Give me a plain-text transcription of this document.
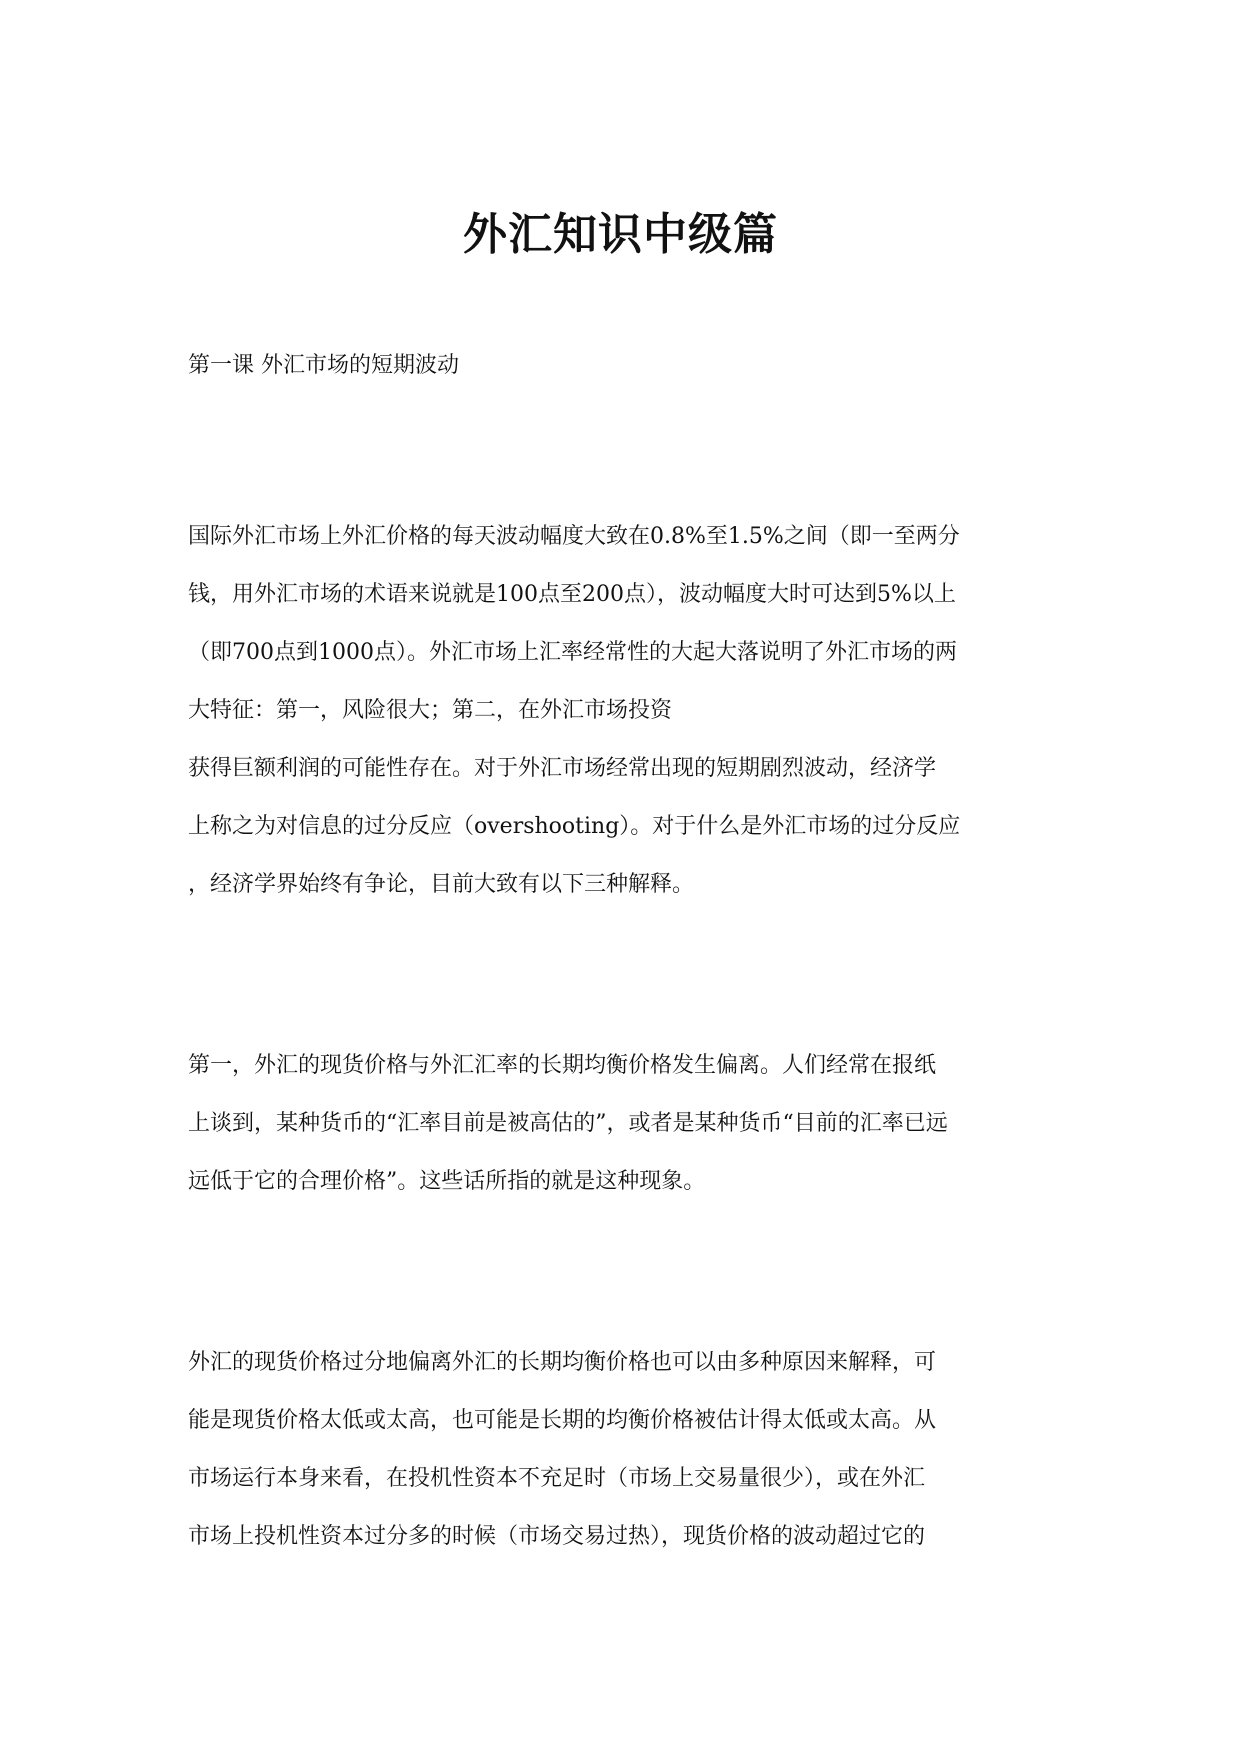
外汇知识中级篇

第一课 外汇市场的短期波动

国际外汇市场上外汇价格的每天波动幅度大致在0.8%至1.5%之间（即一至两分
钱，用外汇市场的术语来说就是100点至200点），波动幅度大时可达到5%以上
（即700点到1000点）。外汇市场上汇率经常性的大起大落说明了外汇市场的两
大特征：第一，风险很大；第二，在外汇市场投资
获得巨额利润的可能性存在。对于外汇市场经常出现的短期剧烈波动，经济学
上称之为对信息的过分反应（overshooting）。对于什么是外汇市场的过分反应
，经济学界始终有争论，目前大致有以下三种解释。
第一，外汇的现货价格与外汇汇率的长期均衡价格发生偏离。人们经常在报纸
上谈到，某种货币的“汇率目前是被高估的”，或者是某种货币“目前的汇率已远
远低于它的合理价格”。这些话所指的就是这种现象。
外汇的现货价格过分地偏离外汇的长期均衡价格也可以由多种原因来解释，可
能是现货价格太低或太高，也可能是长期的均衡价格被估计得太低或太高。从
市场运行本身来看，在投机性资本不充足时（市场上交易量很少），或在外汇
市场上投机性资本过分多的时候（市场交易过热），现货价格的波动超过它的
